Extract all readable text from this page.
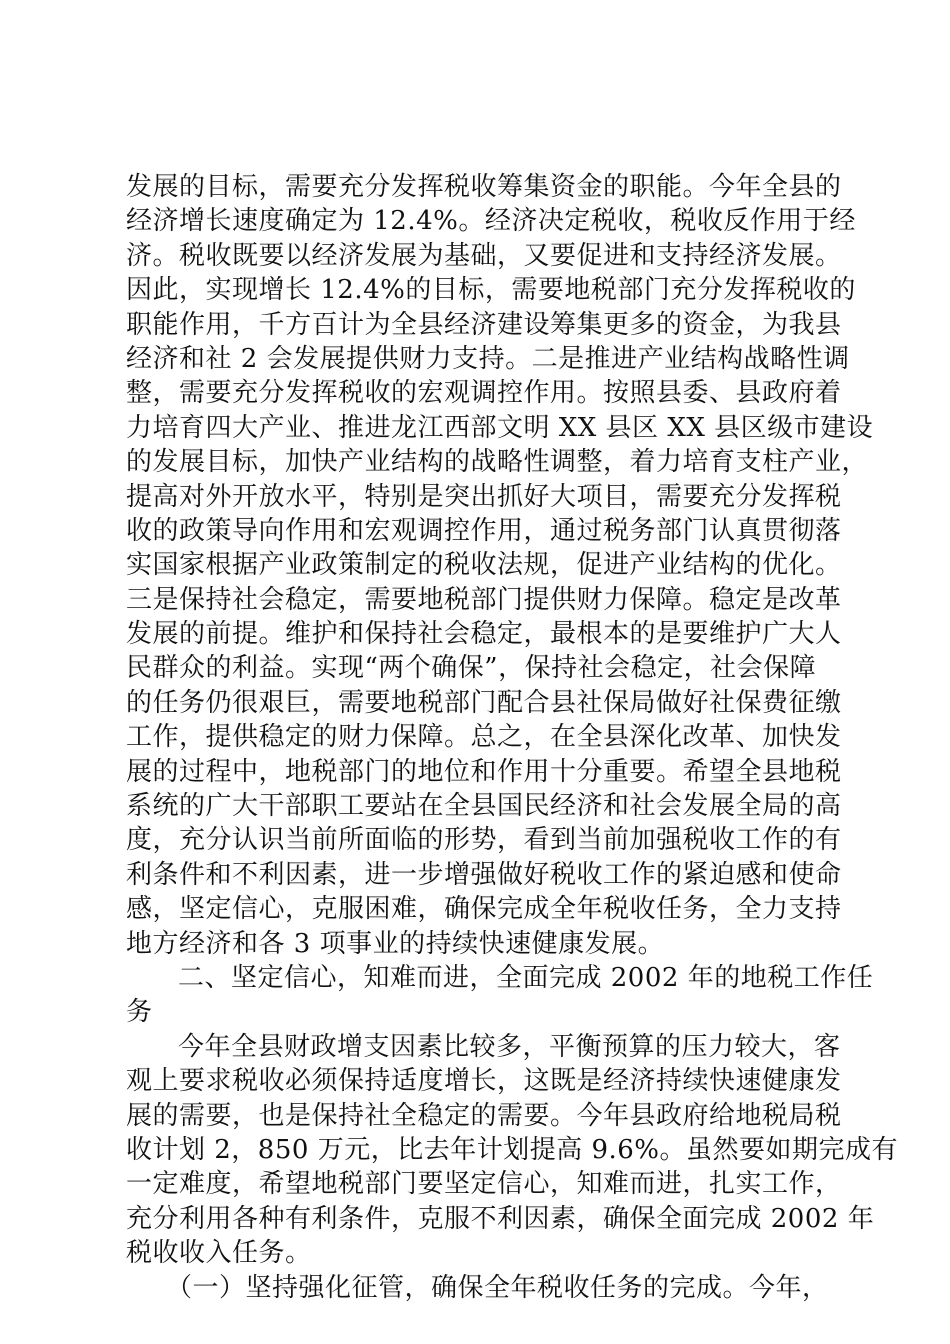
发展的目标，需要充分发挥税收筹集资金的职能。今年全县的
经济增长速度确定为 12.4%。经济决定税收，税收反作用于经
济。税收既要以经济发展为基础，又要促进和支持经济发展。
因此，实现增长 12.4%的目标，需要地税部门充分发挥税收的
职能作用，千方百计为全县经济建设筹集更多的资金，为我县
经济和社 2 会发展提供财力支持。二是推进产业结构战略性调
整，需要充分发挥税收的宏观调控作用。按照县委、县政府着
力培育四大产业、推进龙江西部文明 XX 县区 XX 县区级市建设
的发展目标，加快产业结构的战略性调整，着力培育支柱产业，
提高对外开放水平，特别是突出抓好大项目，需要充分发挥税
收的政策导向作用和宏观调控作用，通过税务部门认真贯彻落
实国家根据产业政策制定的税收法规，促进产业结构的优化。
三是保持社会稳定，需要地税部门提供财力保障。稳定是改革
发展的前提。维护和保持社会稳定，最根本的是要维护广大人
民群众的利益。实现“两个确保”，保持社会稳定，社会保障
的任务仍很艰巨，需要地税部门配合县社保局做好社保费征缴
工作，提供稳定的财力保障。总之，在全县深化改革、加快发
展的过程中，地税部门的地位和作用十分重要。希望全县地税
系统的广大干部职工要站在全县国民经济和社会发展全局的高
度，充分认识当前所面临的形势，看到当前加强税收工作的有
利条件和不利因素，进一步增强做好税收工作的紧迫感和使命
感，坚定信心，克服困难，确保完成全年税收任务，全力支持
地方经济和各 3 项事业的持续快速健康发展。
二、坚定信心，知难而进，全面完成 2002 年的地税工作任
务
今年全县财政增支因素比较多，平衡预算的压力较大，客
观上要求税收必须保持适度增长，这既是经济持续快速健康发
展的需要，也是保持社全稳定的需要。今年县政府给地税局税
收计划 2，850 万元，比去年计划提高 9.6%。虽然要如期完成有
一定难度，希望地税部门要坚定信心，知难而进，扎实工作，
充分利用各种有利条件，克服不利因素，确保全面完成 2002 年
税收收入任务。
（一）坚持强化征管，确保全年税收任务的完成。今年，
